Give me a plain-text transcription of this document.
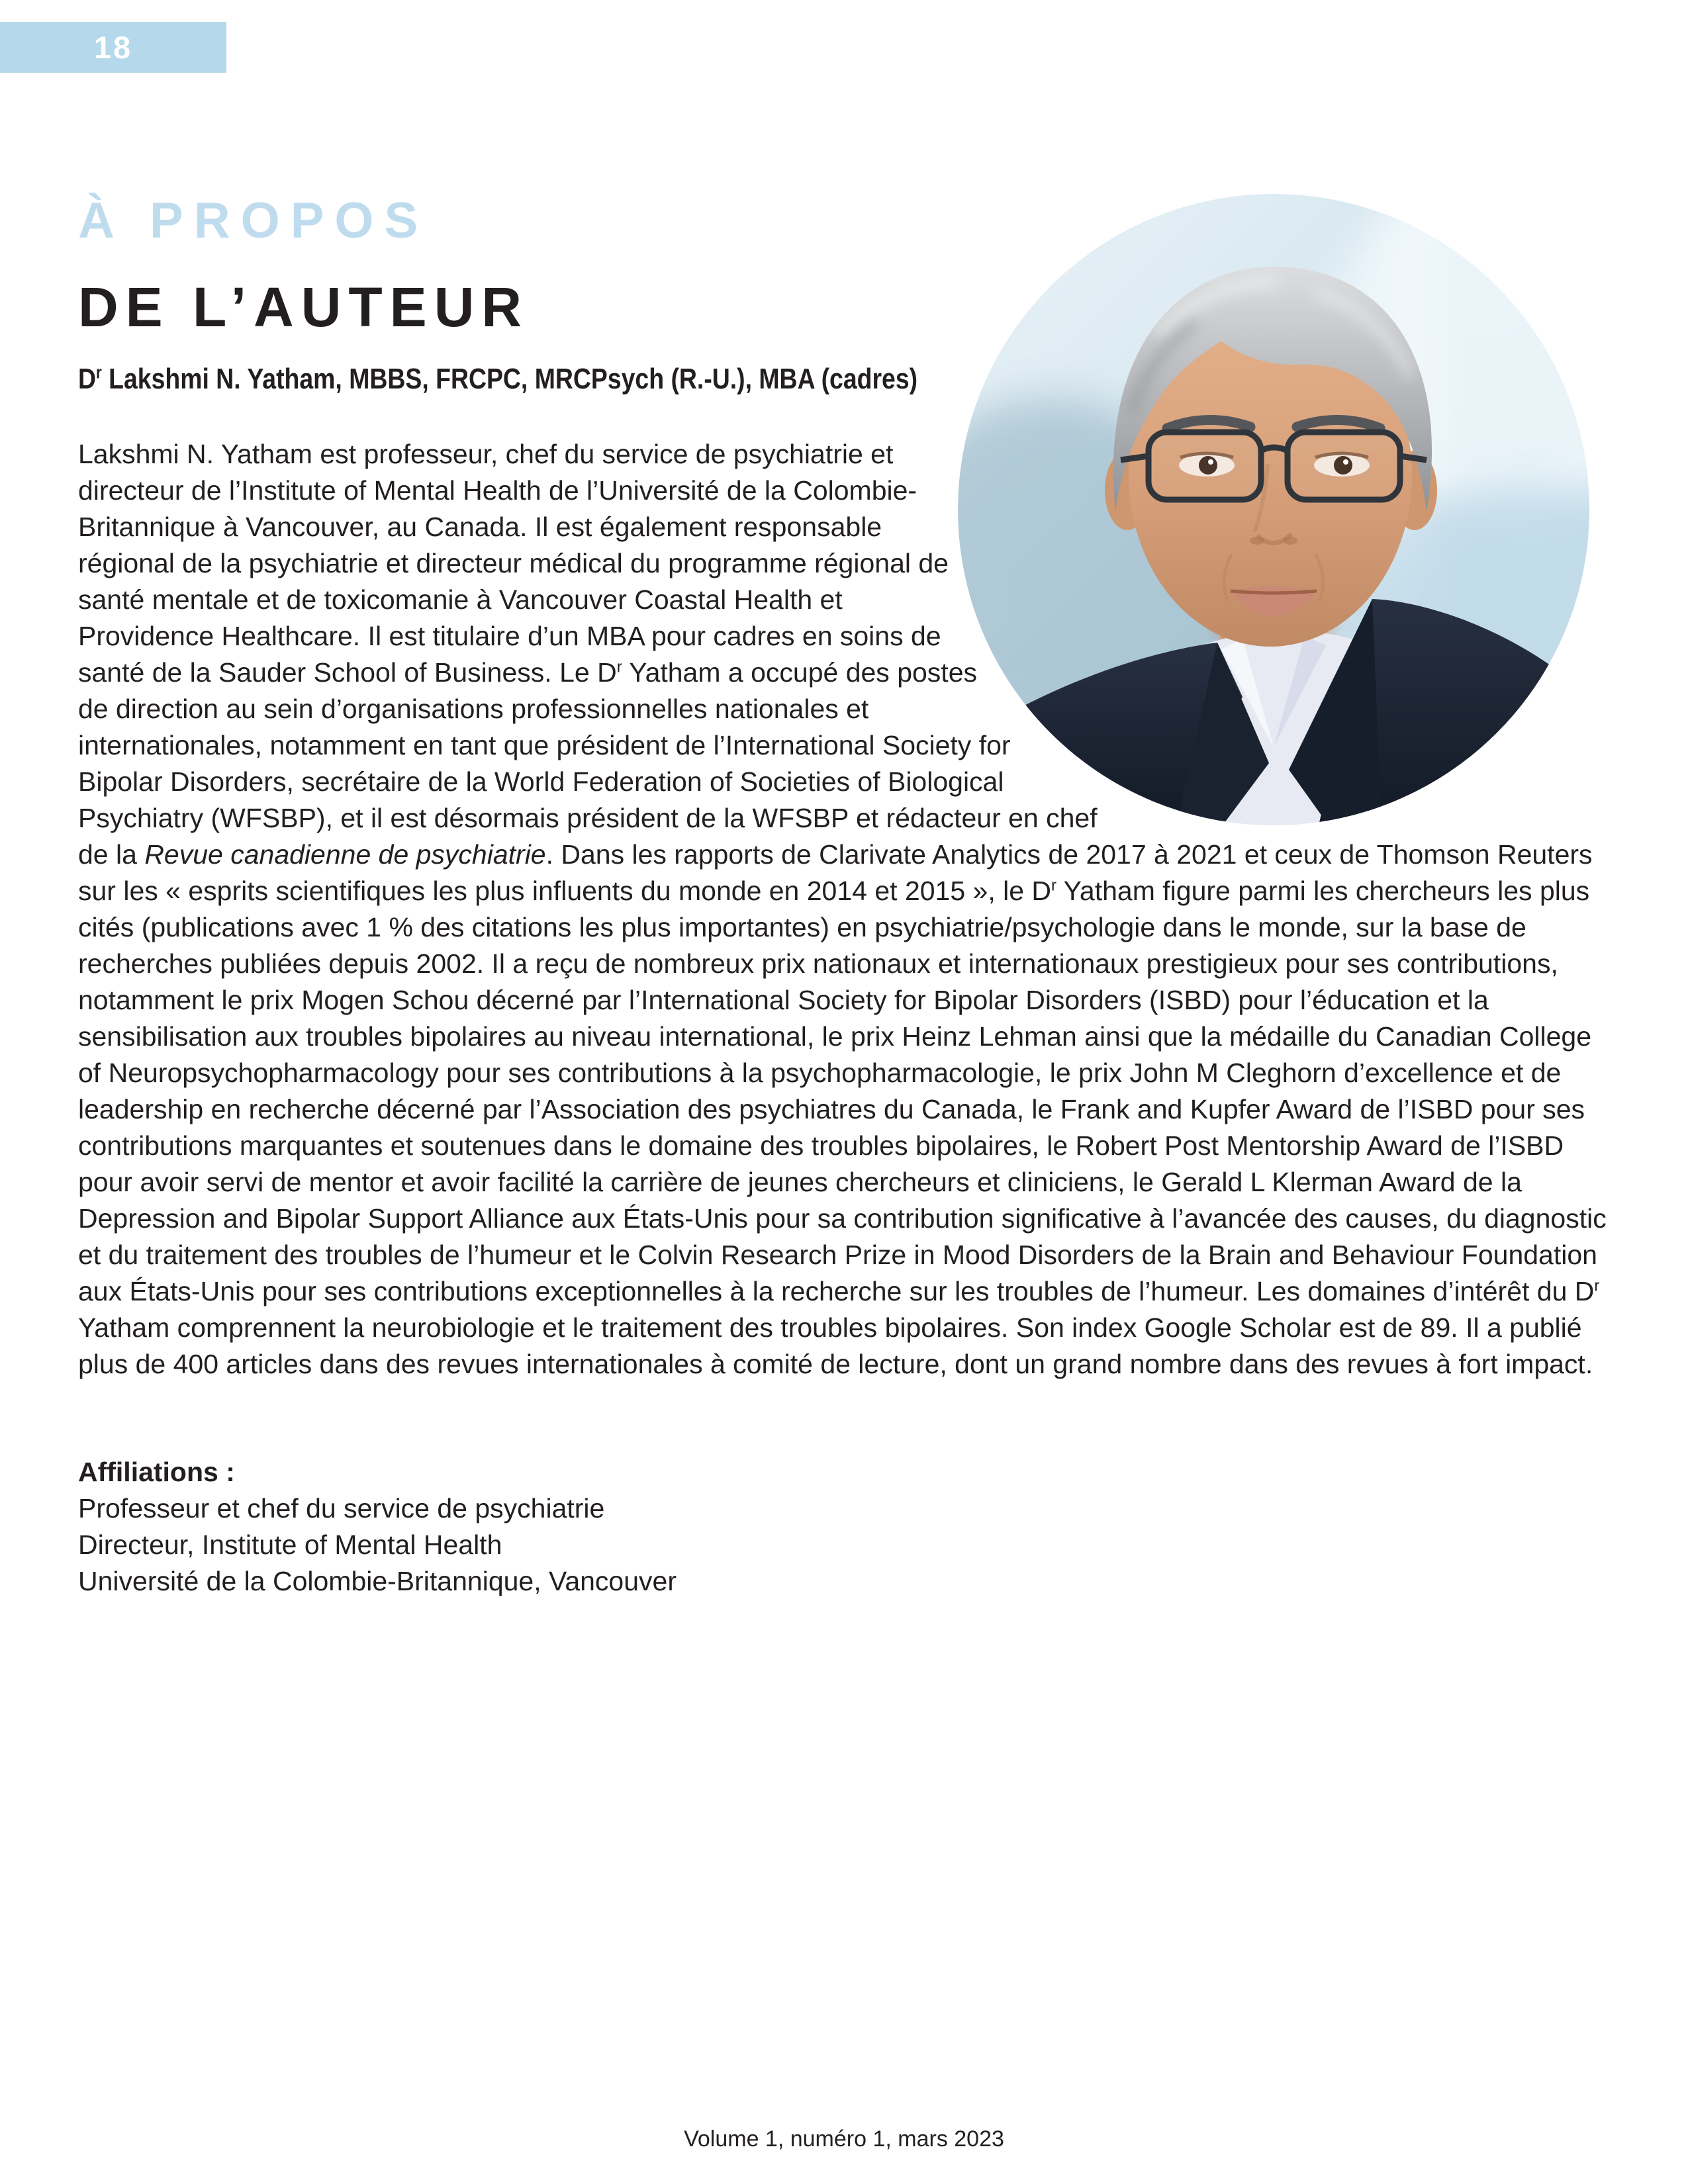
18
À PROPOS
DE L’AUTEUR
$D^r$ Lakshmi N. Yatham, MBBS, FRCPC, MRCPsych (R.-U.), MBA (cadres)
Lakshmi N. Yatham est professeur, chef du service de psychiatrie et directeur de l’Institute of Mental Health de l’Université de la Colombie-Britannique à Vancouver, au Canada. Il est également responsable régional de la psychiatrie et directeur médical du programme régional de santé mentale et de toxicomanie à Vancouver Coastal Health et Providence Healthcare. Il est titulaire d’un MBA pour cadres en soins de santé de la Sauder School of Business. Le $D^r$ Yatham a occupé des postes de direction au sein d’organisations professionnelles nationales et internationales, notamment en tant que président de l’International Society for Bipolar Disorders, secrétaire de la World Federation of Societies of Biological Psychiatry (WFSBP), et il est désormais président de la WFSBP et rédacteur en chef de la Revue canadienne de psychiatrie. Dans les rapports de Clarivate Analytics de 2017 à 2021 et ceux de Thomson Reuters sur les « esprits scientifiques les plus influents du monde en 2014 et 2015 », le $D^r$ Yatham figure parmi les chercheurs les plus cités (publications avec 1 % des citations les plus importantes) en psychiatrie/psychologie dans le monde, sur la base de recherches publiées depuis 2002. Il a reçu de nombreux prix nationaux et internationaux prestigieux pour ses contributions, notamment le prix Mogen Schou décerné par l’International Society for Bipolar Disorders (ISBD) pour l’éducation et la sensibilisation aux troubles bipolaires au niveau international, le prix Heinz Lehman ainsi que la médaille du Canadian College of Neuropsychopharmacology pour ses contributions à la psychopharmacologie, le prix John M Cleghorn d’excellence et de leadership en recherche décerné par l’Association des psychiatres du Canada, le Frank and Kupfer Award de l’ISBD pour ses contributions marquantes et soutenues dans le domaine des troubles bipolaires, le Robert Post Mentorship Award de l’ISBD pour avoir servi de mentor et avoir facilité la carrière de jeunes chercheurs et cliniciens, le Gerald L Klerman Award de la Depression and Bipolar Support Alliance aux États-Unis pour sa contribution significative à l’avancée des causes, du diagnostic et du traitement des troubles de l’humeur et le Colvin Research Prize in Mood Disorders de la Brain and Behaviour Foundation aux États-Unis pour ses contributions exceptionnelles à la recherche sur les troubles de l’humeur. Les domaines d’intérêt du $D^r$ Yatham comprennent la neurobiologie et le traitement des troubles bipolaires. Son index Google Scholar est de 89. Il a publié plus de 400 articles dans des revues internationales à comité de lecture, dont un grand nombre dans des revues à fort impact.
Affiliations :
Professeur et chef du service de psychiatrie
Directeur, Institute of Mental Health
Université de la Colombie-Britannique, Vancouver
Volume 1, numéro 1, mars 2023
